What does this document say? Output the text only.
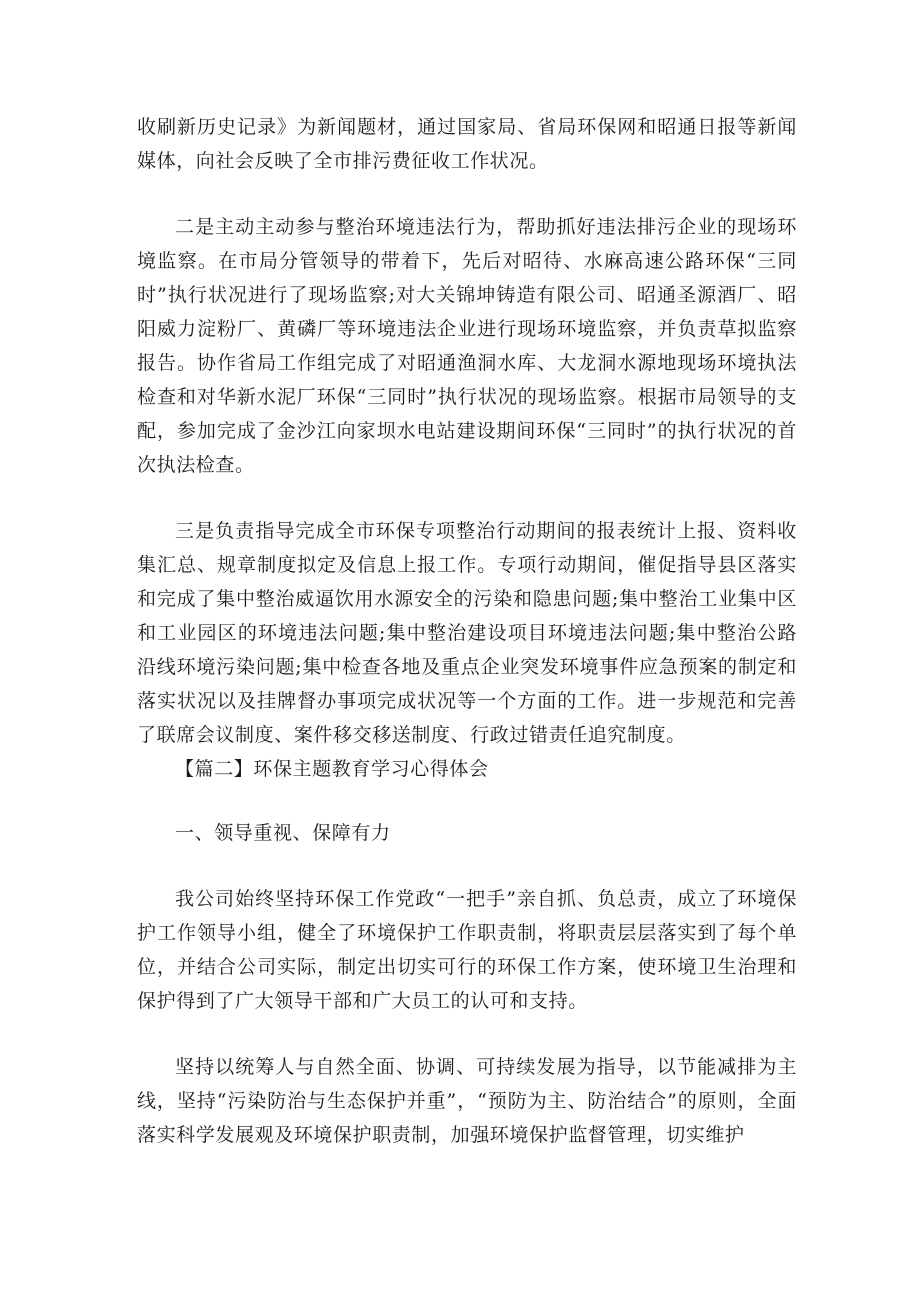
收刷新历史记录》为新闻题材，通过国家局、省局环保网和昭通日报等新闻媒体，向社会反映了全市排污费征收工作状况。

二是主动主动参与整治环境违法行为，帮助抓好违法排污企业的现场环境监察。在市局分管领导的带着下，先后对昭待、水麻高速公路环保“三同时”执行状况进行了现场监察;对大关锦坤铸造有限公司、昭通圣源酒厂、昭阳威力淀粉厂、黄磷厂等环境违法企业进行现场环境监察，并负责草拟监察报告。协作省局工作组完成了对昭通渔洞水库、大龙洞水源地现场环境执法检查和对华新水泥厂环保“三同时”执行状况的现场监察。根据市局领导的支配，参加完成了金沙江向家坝水电站建设期间环保“三同时”的执行状况的首次执法检查。

三是负责指导完成全市环保专项整治行动期间的报表统计上报、资料收集汇总、规章制度拟定及信息上报工作。专项行动期间，催促指导县区落实和完成了集中整治威逼饮用水源安全的污染和隐患问题;集中整治工业集中区和工业园区的环境违法问题;集中整治建设项目环境违法问题;集中整治公路沿线环境污染问题;集中检查各地及重点企业突发环境事件应急预案的制定和落实状况以及挂牌督办事项完成状况等一个方面的工作。进一步规范和完善了联席会议制度、案件移交移送制度、行政过错责任追究制度。

【篇二】环保主题教育学习心得体会

一、领导重视、保障有力

我公司始终坚持环保工作党政“一把手”亲自抓、负总责，成立了环境保护工作领导小组，健全了环境保护工作职责制，将职责层层落实到了每个单位，并结合公司实际，制定出切实可行的环保工作方案，使环境卫生治理和保护得到了广大领导干部和广大员工的认可和支持。

坚持以统筹人与自然全面、协调、可持续发展为指导，以节能减排为主线，坚持“污染防治与生态保护并重”，“预防为主、防治结合”的原则，全面落实科学发展观及环境保护职责制，加强环境保护监督管理，切实维护
